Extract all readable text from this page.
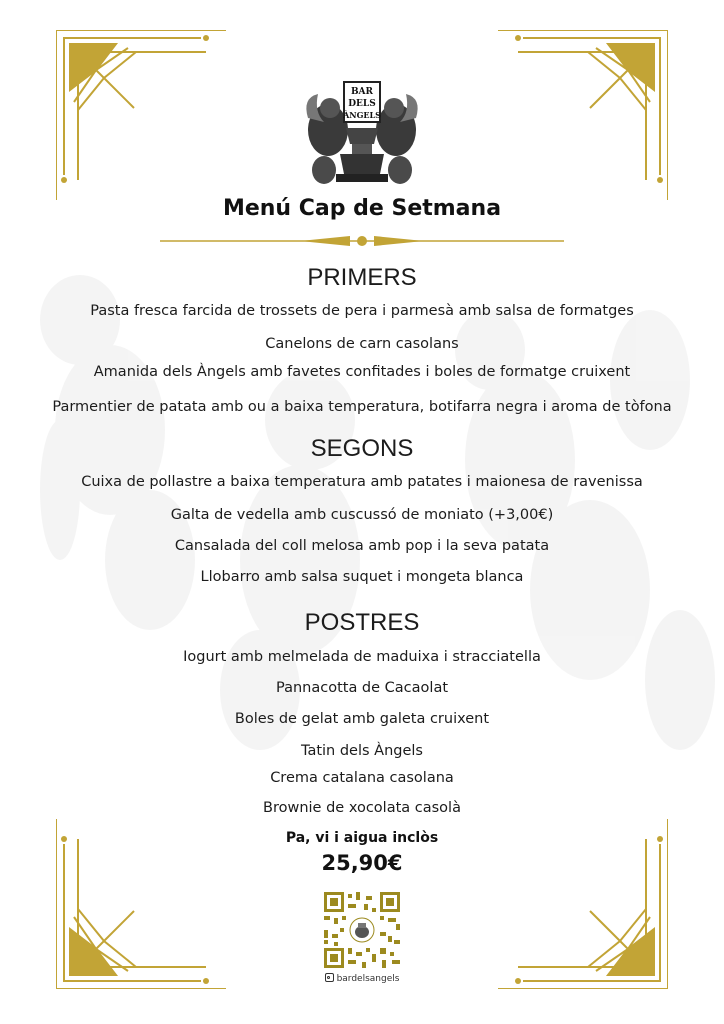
BAR
DELS
ÀNGELS
Menú Cap de Setmana
PRIMERS
Pasta fresca farcida de trossets de pera i parmesà amb salsa de formatges
Canelons de carn casolans
Amanida dels Àngels amb favetes confitades i boles de formatge cruixent
Parmentier de patata amb ou a baixa temperatura, botifarra negra i aroma de tòfona
SEGONS
Cuixa de pollastre a baixa temperatura amb patates i maionesa de ravenissa
Galta de vedella amb cuscussó de moniato (+3,00€)
Cansalada del coll melosa amb pop i la seva patata
Llobarro amb salsa suquet i mongeta blanca
POSTRES
Iogurt amb melmelada de maduixa i stracciatella
Pannacotta de Cacaolat
Boles de gelat amb galeta cruixent
Tatin dels Àngels
Crema catalana casolana
Brownie de xocolata casolà
Pa, vi i aigua inclòs
25,90€
bardelsangels
